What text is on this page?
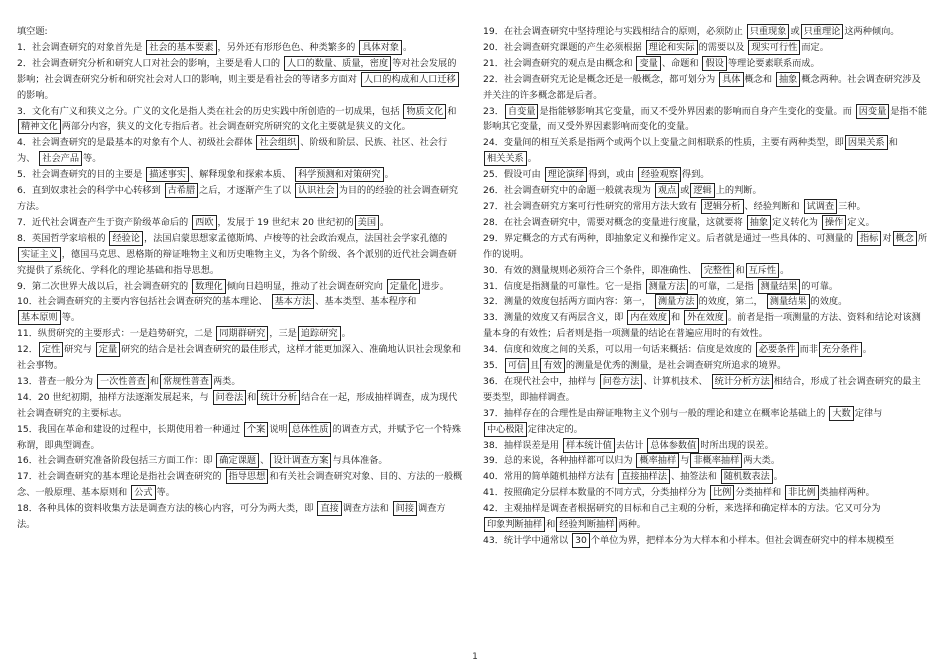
填空题:
1．社会调查研究的对象首先是 社会的基本要素 ，另外还有形形色色、种类繁多的 具体对象 。
2．社会调查研究分析和研究人口对社会的影响，主要是看人口的 人口的数量、质量，密度 等对社会发展的影响；社会调查研究分析和研究社会对人口的影响，则主要是看社会的等诸多方面对 人口的构成和人口迁移的影响。
3．文化有广义和狭义之分。广义的文化是指人类在社会的历史实践中所创造的一切成果，包括 物质文化 和精神文化 两部分内容，狭义的文化专指后者。社会调查研究所研究的文化主要就是狭义的文化。
4．社会调查研究的是最基本的对象有个人、初级社会群体 社会组织 、阶级和阶层、民族、社区、社会行为、 社会产品 等。
5．社会调查研究的目的主要是 描述事实 、解释现象和探索本质、 科学预测和对策研究 。
6．直到奴隶社会的科学中心转移到 古希腊 之后，才逐渐产生了以 认识社会 为目的的经验的社会调查研究方法。
7．近代社会调查产生于资产阶级革命后的 西欧 ，发展于 19 世纪末 20 世纪初的 美国 。
8．英国哲学家培根的 经验论 ，法国启蒙思想家孟德斯鸠、卢梭等的社会政治观点，法国社会学家孔德的实证主义 ，德国马克思、恩格斯的辩证唯物主义和历史唯物主义，为各个阶级、各个派别的近代社会调查研究提供了系统化、学科化的理论基础和指导思想。
9．第二次世界大战以后，社会调查研究的 数理化 倾向日趋明显，推动了社会调查研究向 定量化 进步。
10．社会调查研究的主要内容包括社会调查研究的基本理论、 基本方法 、基本类型、基本程序和 基本原则 等。
11．纵贯研究的主要形式：一是趋势研究，二是 同期群研究 ，三是 追踪研究 。
12． 定性 研究与 定量 研究的结合是社会调查研究的最佳形式，这样才能更加深入、准确地认识社会现象和社会事物。
13．普查一般分为 一次性普查 和 常规性普查 两类。
14．20 世纪初期，抽样方法逐渐发展起来，与 问卷法 和 统计分析 结合在一起，形成抽样调查，成为现代社会调查研究的主要标志。
15．我国在革命和建设的过程中，长期使用着一种通过 个案 说明 总体性质 的调查方式，并赋予它一个特殊称谓，即典型调查。
16．社会调查研究准备阶段包括三方面工作：即 确定课题 、 设计调查方案 与具体准备。
17．社会调查研究的基本理论是指社会调查研究的 指导思想 和有关社会调查研究对象、目的、方法的一般概念、一般原理、基本原则和 公式 等。
18．各种具体的资料收集方法是调查方法的核心内容，可分为两大类，即 直接 调查方法和 间接 调查方法。
19．在社会调查研究中坚持理论与实践相结合的原则，必须防止 只重现象 或 只重理论 这两种倾向。
20．社会调查研究课题的产生必须根据 理论和实际 的需要以及 现实可行性 而定。
21．社会调查研究的观点是由概念和 变量 、命题和 假设 等理论要素联系而成。
22．社会调查研究无论是概念还是一般概念，都可划分为 具体 概念和 抽象 概念两种。社会调查研究涉及并关注的许多概念都是后者。
23． 自变量 是指能够影响其它变量，而又不受外界因素的影响而自身产生变化的变量。而 因变量 是指不能影响其它变量，而又受外界因素影响而变化的变量。
24．变量间的相互关系是指两个或两个以上变量之间相联系的性质，主要有两种类型，即 因果关系 和相关关系 。
25．假设可由 理论演绎 得到，或由 经验观察 得到。
26．社会调查研究中的命题一般就表现为 观点 或 逻辑 上的判断。
27．社会调查研究方案可行性研究的常用方法大致有 逻辑分析 、经验判断和 试调查 三种。
28．在社会调查研究中，需要对概念的变量进行度量，这就要将 抽象 定义转化为 操作 定义。
29．界定概念的方式有两种，即抽象定义和操作定义。后者就是通过一些具体的、可测量的 指标 对 概念 所作的说明。
30．有效的测量规则必须符合三个条件，即准确性、 完整性 和 互斥性 。
31．信度是指测量的可靠性。它一是指 测量方法 的可靠，二是指 测量结果 的可靠。
32．测量的效度包括两方面内容：第一， 测量方法 的效度，第二， 测量结果 的效度。
33．测量的效度又有两层含义，即 内在效度 和 外在效度 。前者是指一项测量的方法、资料和结论对该测量本身的有效性；后者则是指一项测量的结论在普遍应用时的有效性。
34．信度和效度之间的关系，可以用一句话来概括：信度是效度的 必要条件 而非 充分条件 。
35． 可信 且 有效 的测量是优秀的测量，是社会调查研究所追求的境界。
36．在现代社会中，抽样与 问卷方法 、计算机技术、 统计分析方法 相结合，形成了社会调查研究的最主要类型，即抽样调查。
37．抽样存在的合理性是由辩证唯物主义个别与一般的理论和建立在概率论基础上的 大数 定律与 中心极限 定律决定的。
38．抽样误差是用 样本统计值 去估计 总体参数值 时所出现的误差。
39．总的来说，各种抽样都可以归为 概率抽样 与 非概率抽样 两大类。
40．常用的简单随机抽样方法有 直接抽样法 、抽签法和 随机数表法 。
41．按照确定分层样本数量的不同方式，分类抽样分为 比例 分类抽样和 非比例 类抽样两种。
42．主观抽样是调查者根据研究的目标和自己主观的分析，来选择和确定样本的方法。它又可分为印象判断抽样 和 经验判断抽样 两种。
43．统计学中通常以 30 个单位为界，把样本分为大样本和小样本。但社会调查研究中的样本规模至
1
